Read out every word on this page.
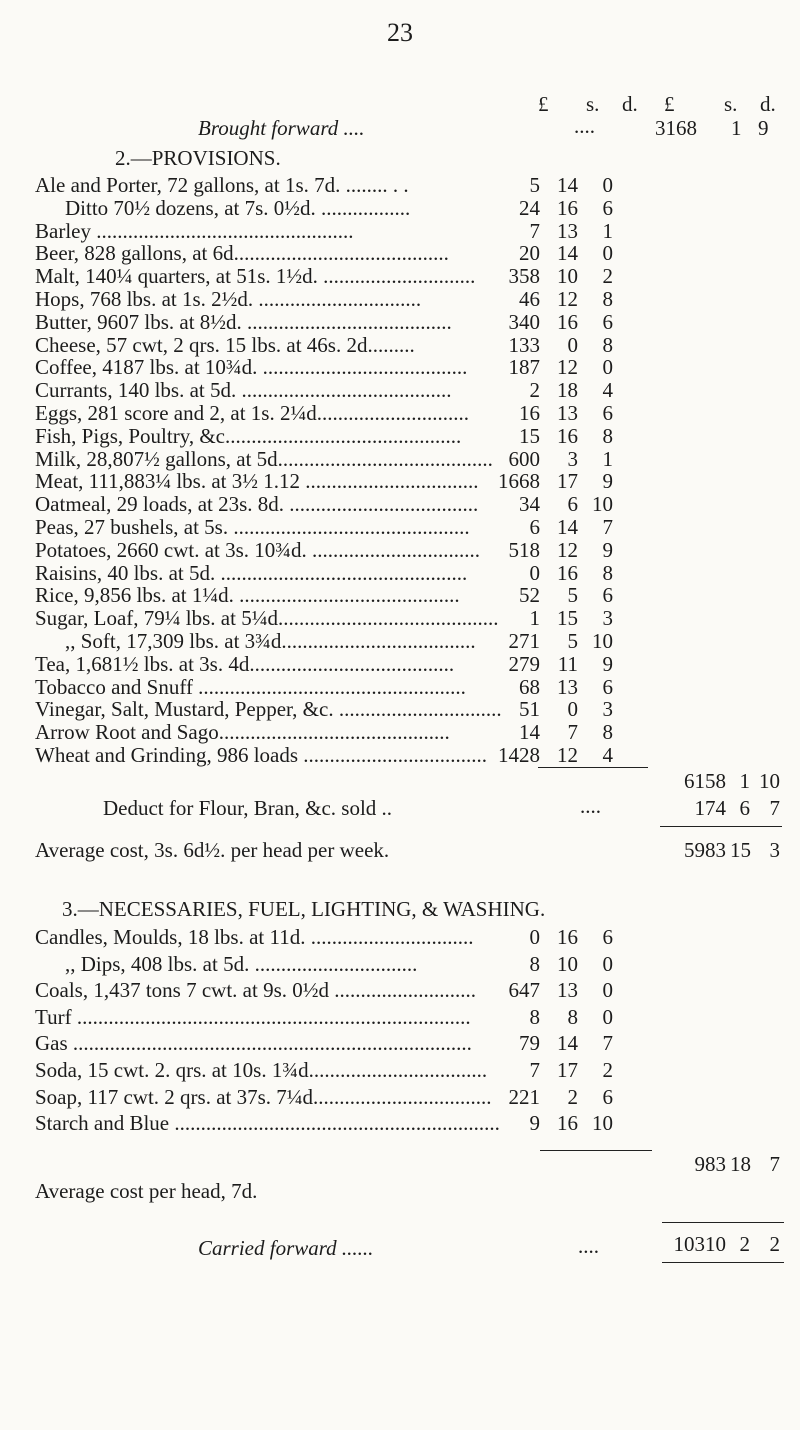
23
£ s. d. £ s. d.
Brought forward ....	....	3168 1 9
2.—PROVISIONS.
Ale and Porter, 72 gallons, at 1s. 7d. ........ . .	5 14	0
Ditto 70½ dozens, at 7s. 0½d. .................	24 16	6
Barley .................................................	7 13	1
Beer, 828 gallons, at 6d.........................................	20 14	0
Malt, 140¼ quarters, at 51s. 1½d. .............................	358 10	2
Hops, 768 lbs. at 1s. 2½d. ...............................	46 12	8
Butter, 9607 lbs. at 8½d. .......................................	340 16	6
Cheese, 57 cwt, 2 qrs. 15 lbs. at 46s. 2d.........	133	0	8
Coffee, 4187 lbs. at 10¾d. .......................................	187 12	0
Currants, 140 lbs. at 5d. ........................................	2 18	4
Eggs, 281 score and 2, at 1s. 2¼d.............................	16 13	6
Fish, Pigs, Poultry, &c.............................................	15 16	8
Milk, 28,807½ gallons, at 5d......................................... 600	3	1
Meat, 111,883¼ lbs. at 3½ 1.12 ................................. 1668 17	9
Oatmeal, 29 loads, at 23s. 8d. ....................................	34	6 10
Peas, 27 bushels, at 5s. .............................................	6 14	7
Potatoes, 2660 cwt. at 3s. 10¾d. ................................	518 12	9
Raisins, 40 lbs. at 5d. ...............................................	0 16	8
Rice, 9,856 lbs. at 1¼d. ..........................................	52	5	6
Sugar, Loaf, 79¼ lbs. at 5¼d..........................................	1 15	3
,, Soft, 17,309 lbs. at 3¾d.....................................	271	5 10
Tea, 1,681½ lbs. at 3s. 4d.......................................	279 11	9
Tobacco and Snuff ...................................................	68 13	6
Vinegar, Salt, Mustard, Pepper, &c. ............................... 51	0	3
Arrow Root and Sago............................................	14	7	8
Wheat and Grinding, 986 loads ................................... 1428 12	4
6158 1 10
Deduct for Flour, Bran, &c. sold ..	....	174 6 7
Average cost, 3s. 6d½. per head per week.	5983 15 3
3.—NECESSARIES, FUEL, LIGHTING, & WASHING.
Candles, Moulds, 18 lbs. at 11d. ...............................	0 16	6
,, Dips, 408 lbs. at 5d. ...............................	8 10	0
Coals, 1,437 tons 7 cwt. at 9s. 0½d ...........................	647 13	0
Turf ...........................................................................	8	8	0
Gas ............................................................................	79 14	7
Soda, 15 cwt. 2. qrs. at 10s. 1¾d..................................	7 17	2
Soap, 117 cwt. 2 qrs. at 37s. 7¼d.................................. 221	2	6
Starch and Blue ..............................................................	9 16 10
983 18 7
Average cost per head, 7d.
Carried forward ......	....	10310 2 2
